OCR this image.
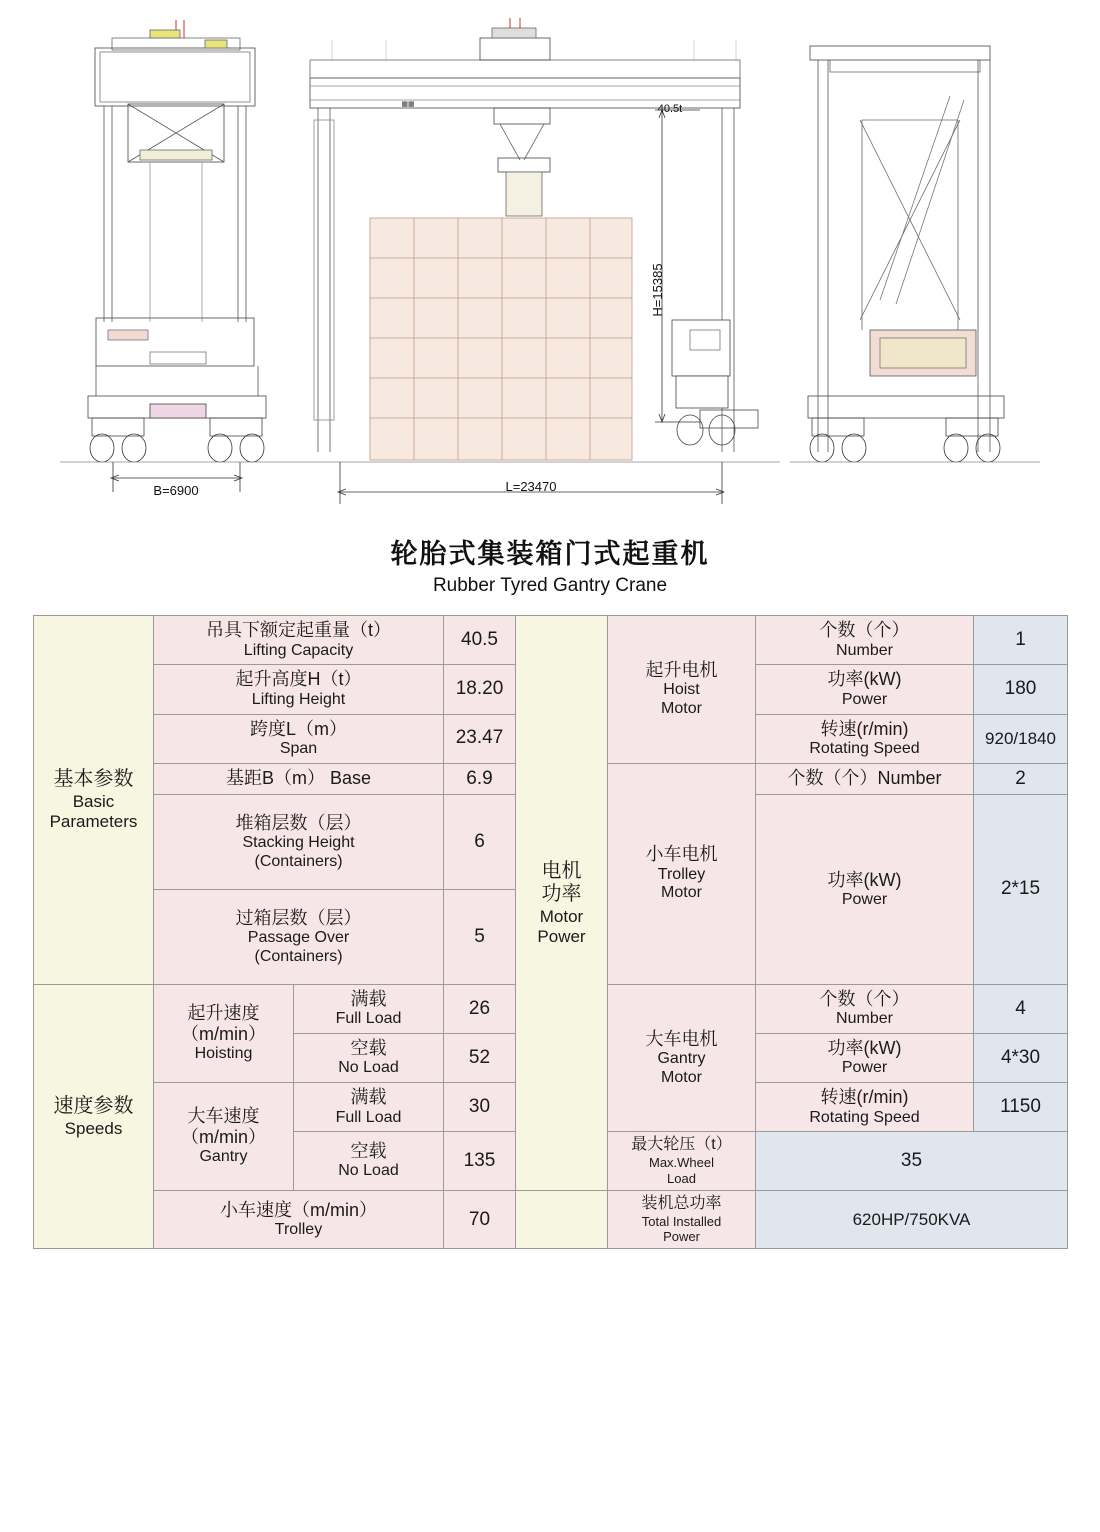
H=15385
B=6900	L=23470
40.5t
▦▦
轮胎式集装箱门式起重机
Rubber Tyred Gantry Crane
基本参数
Basic
Parameters	吊具下额定起重量（t）
Lifting Capacity		40.5	电机
功率
Motor
Power	起升电机
Hoist
Motor	个数（个）
Number	1

	起升高度H（t）
Lifting Height		18.20			功率(kW)
Power	180

	跨度L（m）
Span		23.47			转速(r/min)
Rotating Speed	920/1840

	基距B（m） Base		6.9		小车电机
Trolley
Motor	个数（个）Number	2

	堆箱层数（层）
Stacking Height
(Containers)		6			功率(kW)
Power	2*15

	过箱层数（层）
Passage Over
(Containers)		5				

速度参数
Speeds	起升速度
（m/min）
Hoisting	满载
Full Load	26		大车电机
Gantry
Motor	个数（个）
Number	4

		空载
No Load	52			功率(kW)
Power	4*30

	大车速度
（m/min）
Gantry	满载
Full Load	30			转速(r/min)
Rotating Speed	1150

		空载
No Load	135		最大轮压（t）
Max.Wheel
Load	35	

	小车速度（m/min）
Trolley		70		装机总功率
Total Installed
Power	620HP/750KVA	
